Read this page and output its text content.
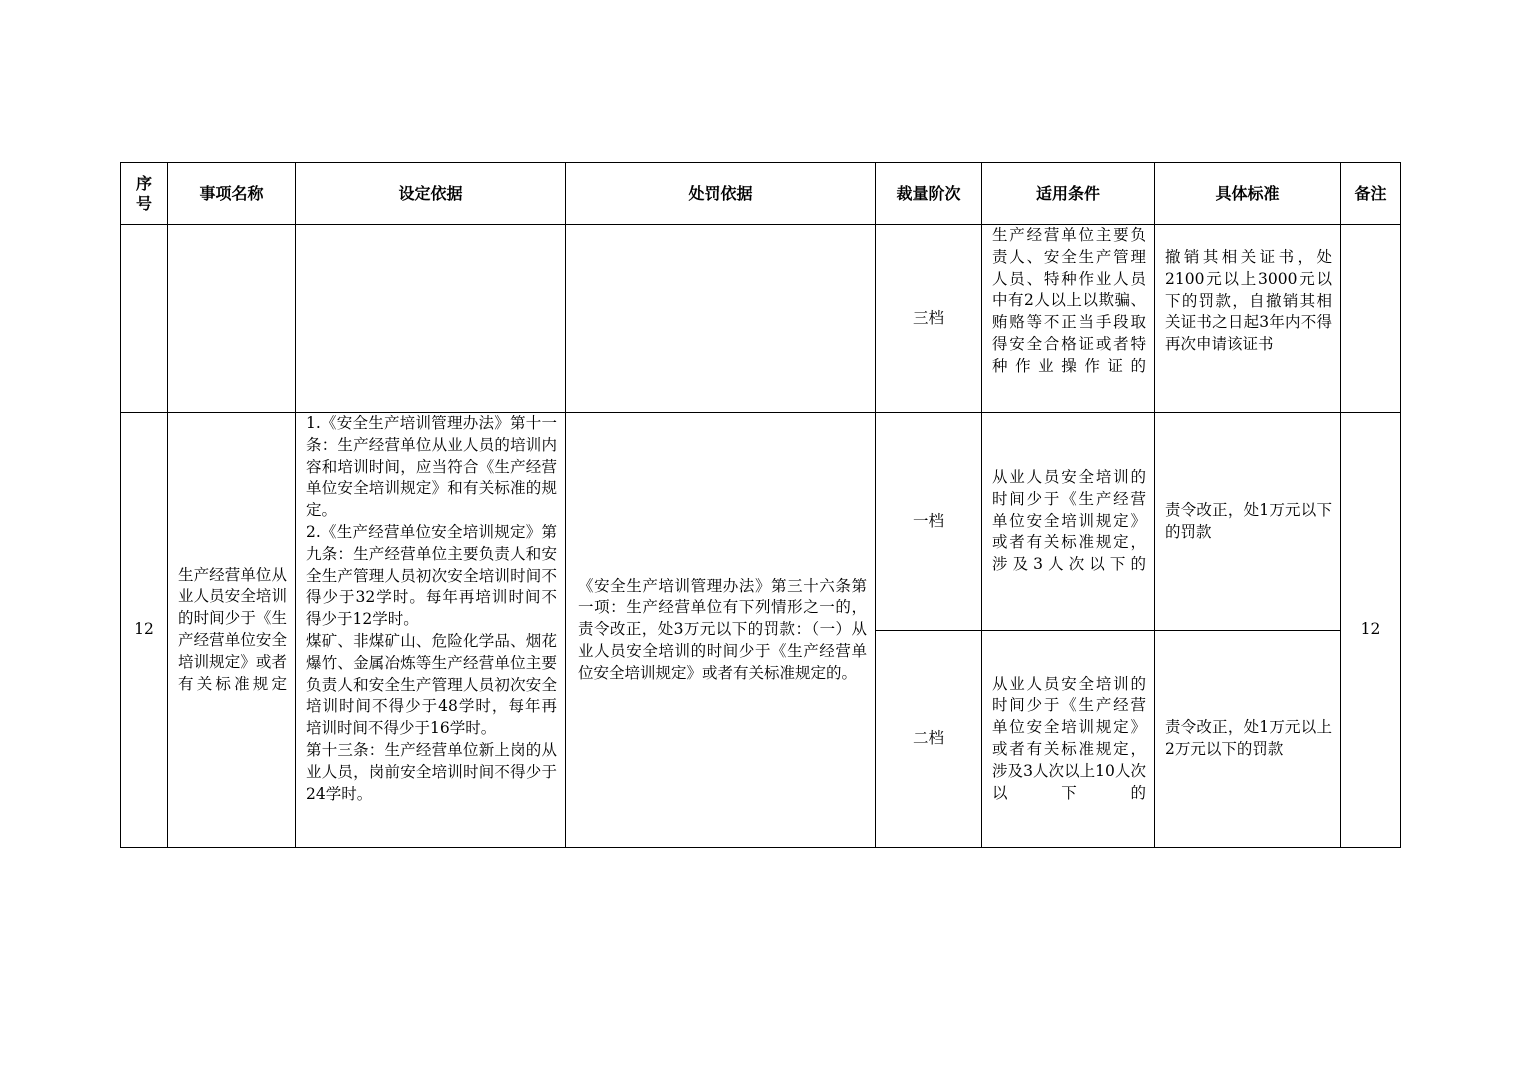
序号	事项名称	设定依据	处罚依据	裁量阶次	适用条件	具体标准	备注
				三档	生产经营单位主要负责人、安全生产管理人员、特种作业人员中有2人以上以欺骗、贿赂等不正当手段取得安全合格证或者特种作业操作证的	撤销其相关证书，处2100元以上3000元以下的罚款，自撤销其相关证书之日起3年内不得再次申请该证书	
12	生产经营单位从业人员安全培训的时间少于《生产经营单位安全培训规定》或者有关标准规定	1.《安全生产培训管理办法》第十一条：生产经营单位从业人员的培训内容和培训时间，应当符合《生产经营单位安全培训规定》和有关标准的规定。
2.《生产经营单位安全培训规定》第九条：生产经营单位主要负责人和安全生产管理人员初次安全培训时间不得少于32学时。每年再培训时间不得少于12学时。
煤矿、非煤矿山、危险化学品、烟花爆竹、金属冶炼等生产经营单位主要负责人和安全生产管理人员初次安全培训时间不得少于48学时，每年再培训时间不得少于16学时。
第十三条：生产经营单位新上岗的从业人员，岗前安全培训时间不得少于24学时。	《安全生产培训管理办法》第三十六条第一项：生产经营单位有下列情形之一的，责令改正，处3万元以下的罚款：（一）从业人员安全培训的时间少于《生产经营单位安全培训规定》或者有关标准规定的。	一档	从业人员安全培训的时间少于《生产经营单位安全培训规定》或者有关标准规定，涉及3人次以下的	责令改正，处1万元以下的罚款	12
				二档	从业人员安全培训的时间少于《生产经营单位安全培训规定》或者有关标准规定，涉及3人次以上10人次以下的	责令改正，处1万元以上2万元以下的罚款	
